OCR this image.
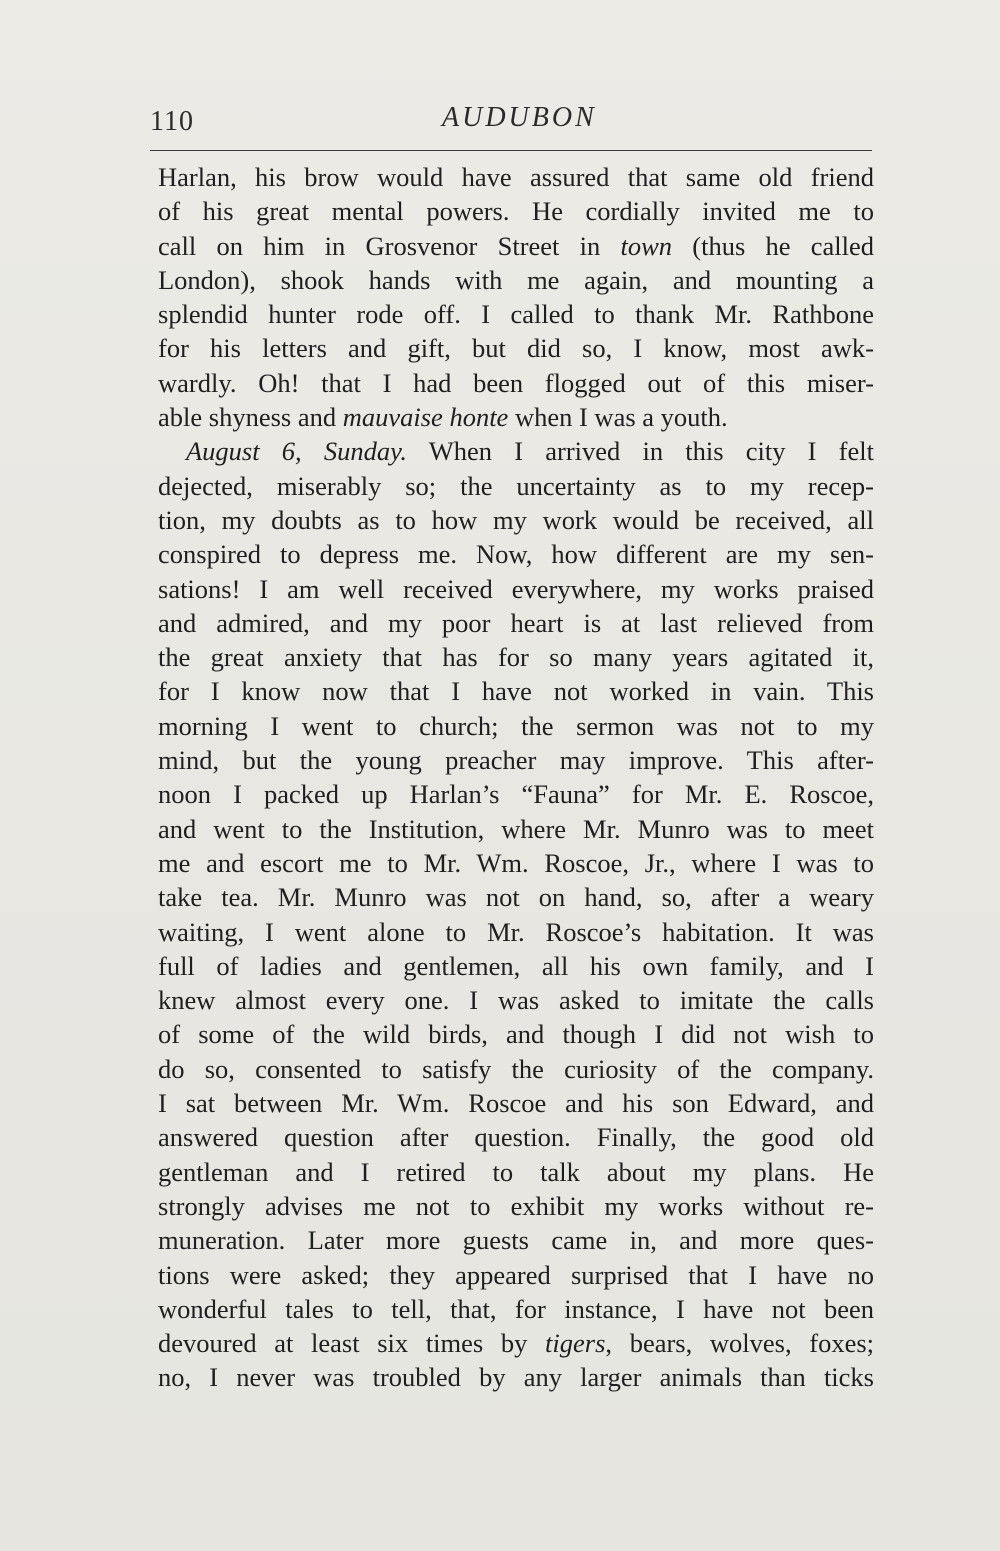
110	AUDUBON
Harlan, his brow would have assured that same old friend
of his great mental powers. He cordially invited me to
call on him in Grosvenor Street in town (thus he called
London), shook hands with me again, and mounting a
splendid hunter rode off. I called to thank Mr. Rathbone
for his letters and gift, but did so, I know, most awk-
wardly. Oh! that I had been flogged out of this miser-
able shyness and mauvaise honte when I was a youth.
August 6, Sunday. When I arrived in this city I felt
dejected, miserably so; the uncertainty as to my recep-
tion, my doubts as to how my work would be received, all
conspired to depress me. Now, how different are my sen-
sations! I am well received everywhere, my works praised
and admired, and my poor heart is at last relieved from
the great anxiety that has for so many years agitated it,
for I know now that I have not worked in vain. This
morning I went to church; the sermon was not to my
mind, but the young preacher may improve. This after-
noon I packed up Harlan’s “Fauna” for Mr. E. Roscoe,
and went to the Institution, where Mr. Munro was to meet
me and escort me to Mr. Wm. Roscoe, Jr., where I was to
take tea. Mr. Munro was not on hand, so, after a weary
waiting, I went alone to Mr. Roscoe’s habitation. It was
full of ladies and gentlemen, all his own family, and I
knew almost every one. I was asked to imitate the calls
of some of the wild birds, and though I did not wish to
do so, consented to satisfy the curiosity of the company.
I sat between Mr. Wm. Roscoe and his son Edward, and
answered question after question. Finally, the good old
gentleman and I retired to talk about my plans. He
strongly advises me not to exhibit my works without re-
muneration. Later more guests came in, and more ques-
tions were asked; they appeared surprised that I have no
wonderful tales to tell, that, for instance, I have not been
devoured at least six times by tigers, bears, wolves, foxes;
no, I never was troubled by any larger animals than ticks
